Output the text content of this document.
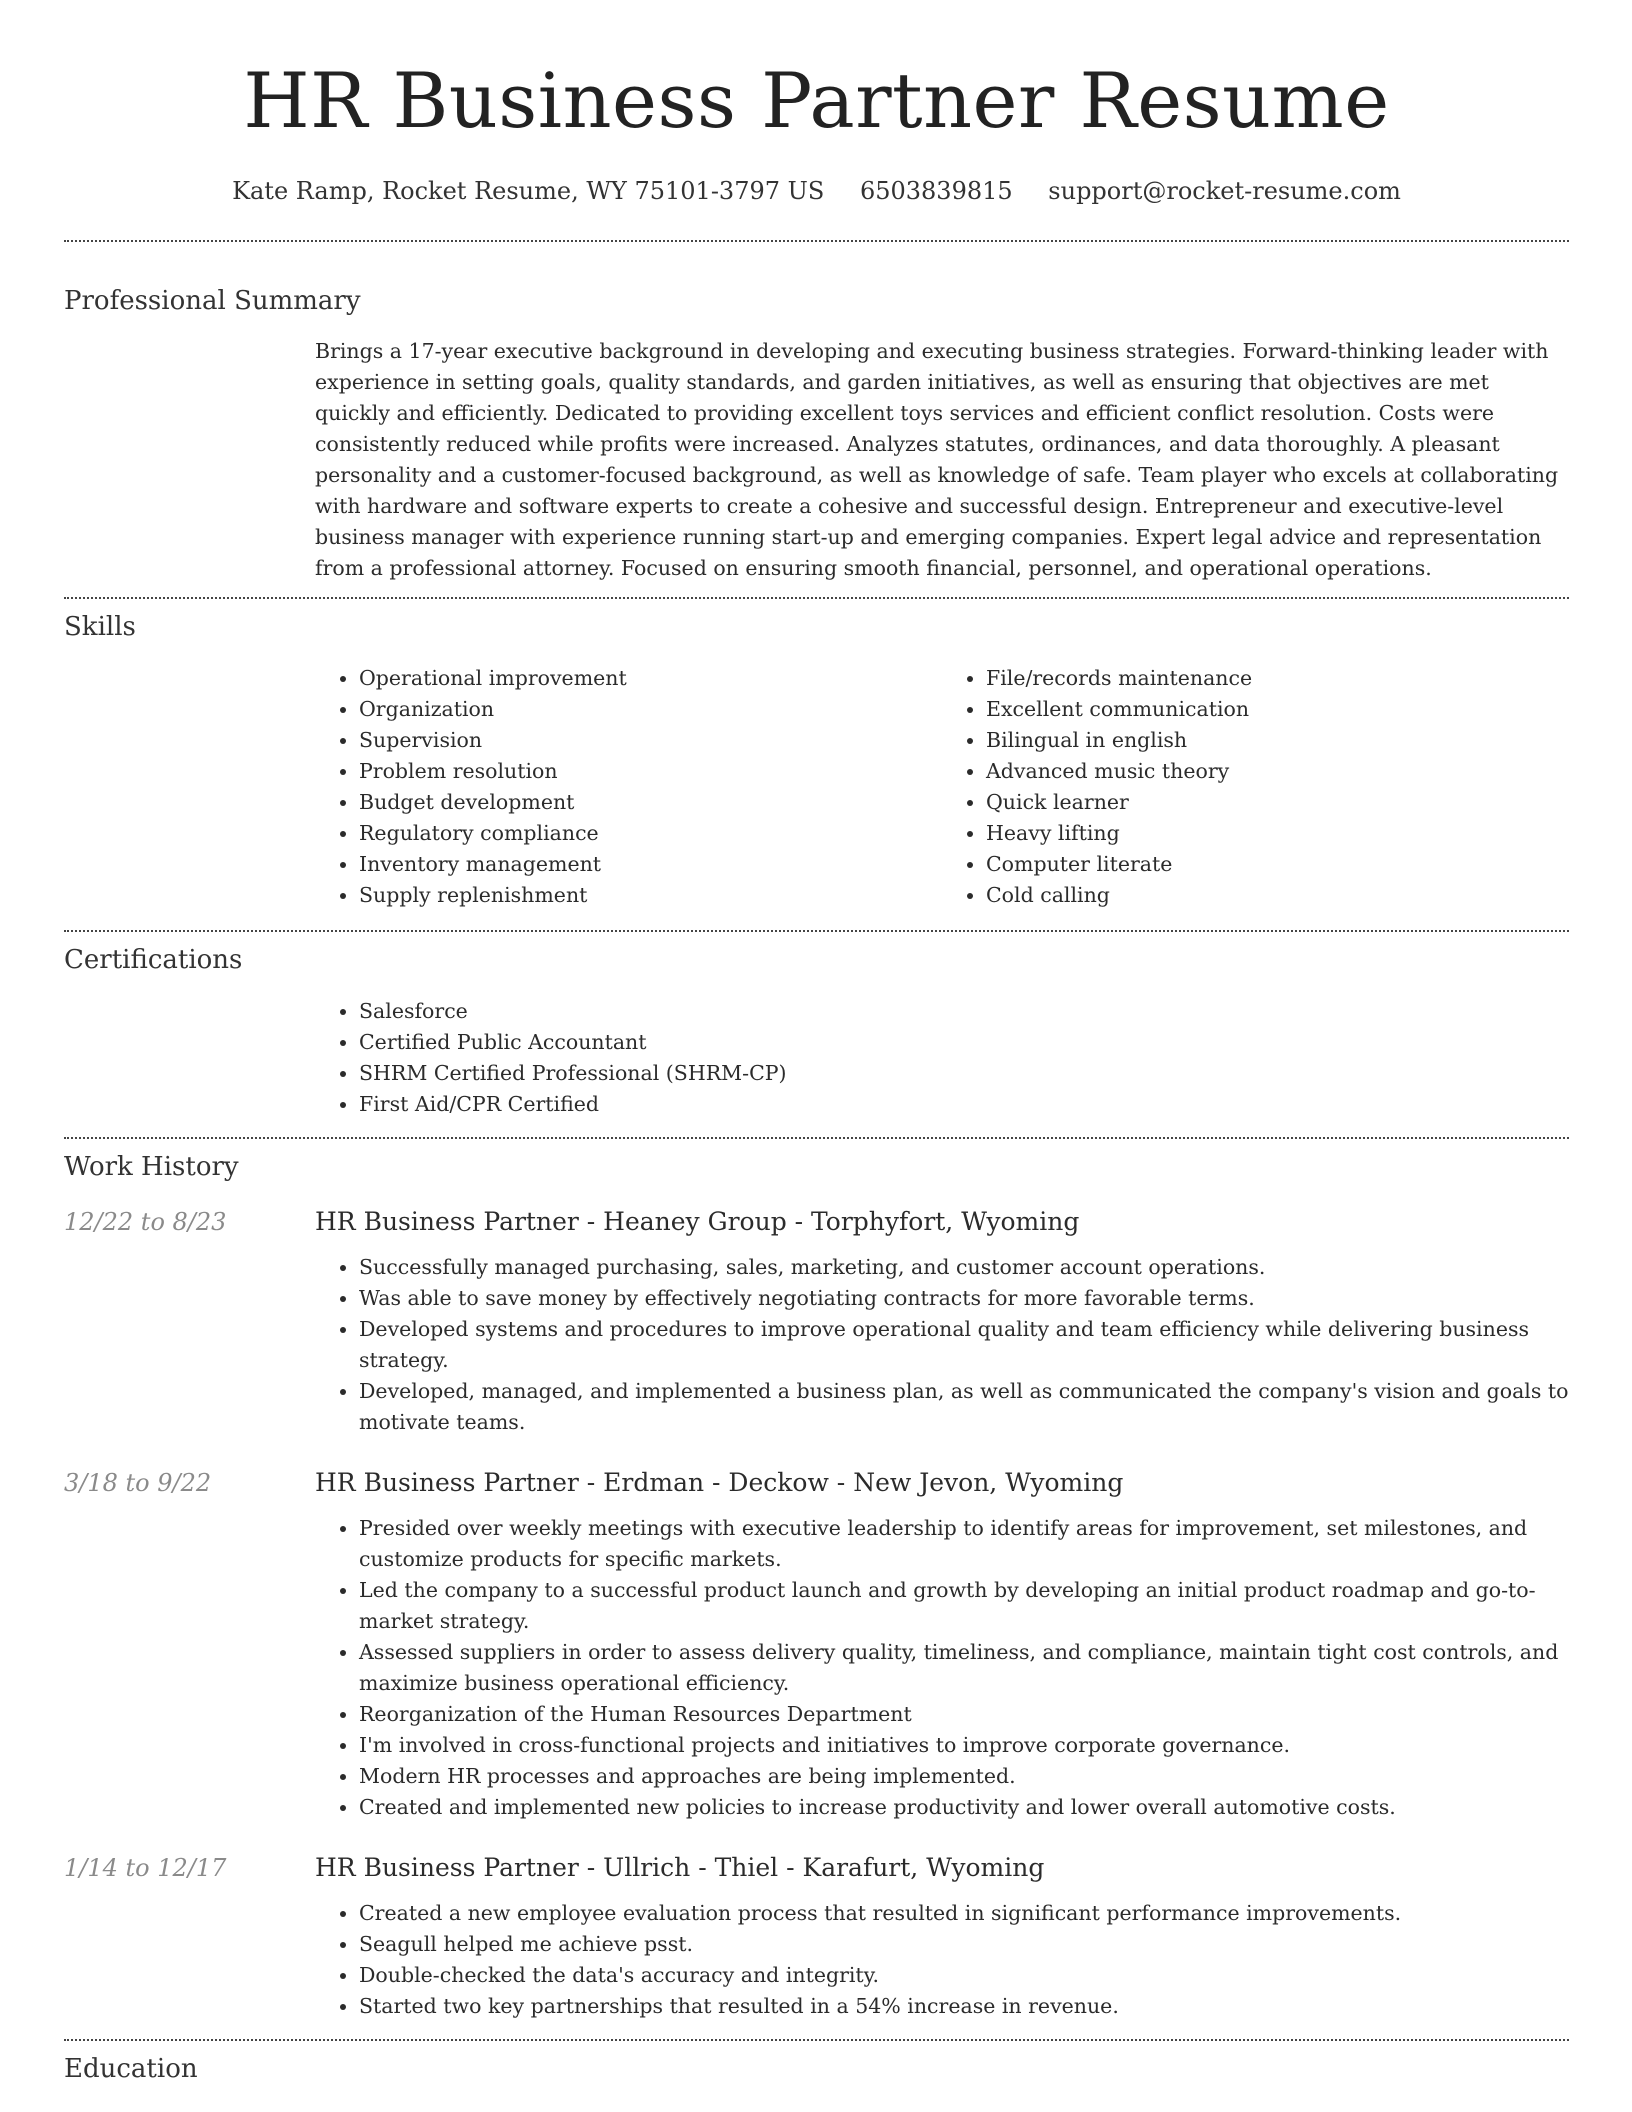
HR Business Partner Resume
Kate Ramp, Rocket Resume, WY 75101-3797 US 6503839815 support@rocket-resume.com
Professional Summary

Brings a 17-year executive background in developing and executing business strategies. Forward-thinking leader with experience in setting goals, quality standards, and garden initiatives, as well as ensuring that objectives are met quickly and efficiently. Dedicated to providing excellent toys services and efficient conflict resolution. Costs were consistently reduced while profits were increased. Analyzes statutes, ordinances, and data thoroughly. A pleasant personality and a customer-focused background, as well as knowledge of safe. Team player who excels at collaborating with hardware and software experts to create a cohesive and successful design. Entrepreneur and executive-level business manager with experience running start-up and emerging companies. Expert legal advice and representation from a professional attorney. Focused on ensuring smooth financial, personnel, and operational operations.

Skills
• Operational improvement
• Organization
• Supervision
• Problem resolution
• Budget development
• Regulatory compliance
• Inventory management
• Supply replenishment
• File/records maintenance
• Excellent communication
• Bilingual in english
• Advanced music theory
• Quick learner
• Heavy lifting
• Computer literate
• Cold calling
Certifications
• Salesforce
• Certified Public Accountant
• SHRM Certified Professional (SHRM-CP)
• First Aid/CPR Certified
Work History
12/22 to 8/23	HR Business Partner - Heaney Group - Torphyfort, Wyoming
• Successfully managed purchasing, sales, marketing, and customer account operations.
• Was able to save money by effectively negotiating contracts for more favorable terms.
• Developed systems and procedures to improve operational quality and team efficiency while delivering business strategy.
• Developed, managed, and implemented a business plan, as well as communicated the company's vision and goals to motivate teams.
3/18 to 9/22	HR Business Partner - Erdman - Deckow - New Jevon, Wyoming
• Presided over weekly meetings with executive leadership to identify areas for improvement, set milestones, and customize products for specific markets.
• Led the company to a successful product launch and growth by developing an initial product roadmap and go-to-market strategy.
• Assessed suppliers in order to assess delivery quality, timeliness, and compliance, maintain tight cost controls, and maximize business operational efficiency.
• Reorganization of the Human Resources Department
• I'm involved in cross-functional projects and initiatives to improve corporate governance.
• Modern HR processes and approaches are being implemented.
• Created and implemented new policies to increase productivity and lower overall automotive costs.
1/14 to 12/17	HR Business Partner - Ullrich - Thiel - Karafurt, Wyoming
• Created a new employee evaluation process that resulted in significant performance improvements.
• Seagull helped me achieve psst.
• Double-checked the data's accuracy and integrity.
• Started two key partnerships that resulted in a 54% increase in revenue.
Education
